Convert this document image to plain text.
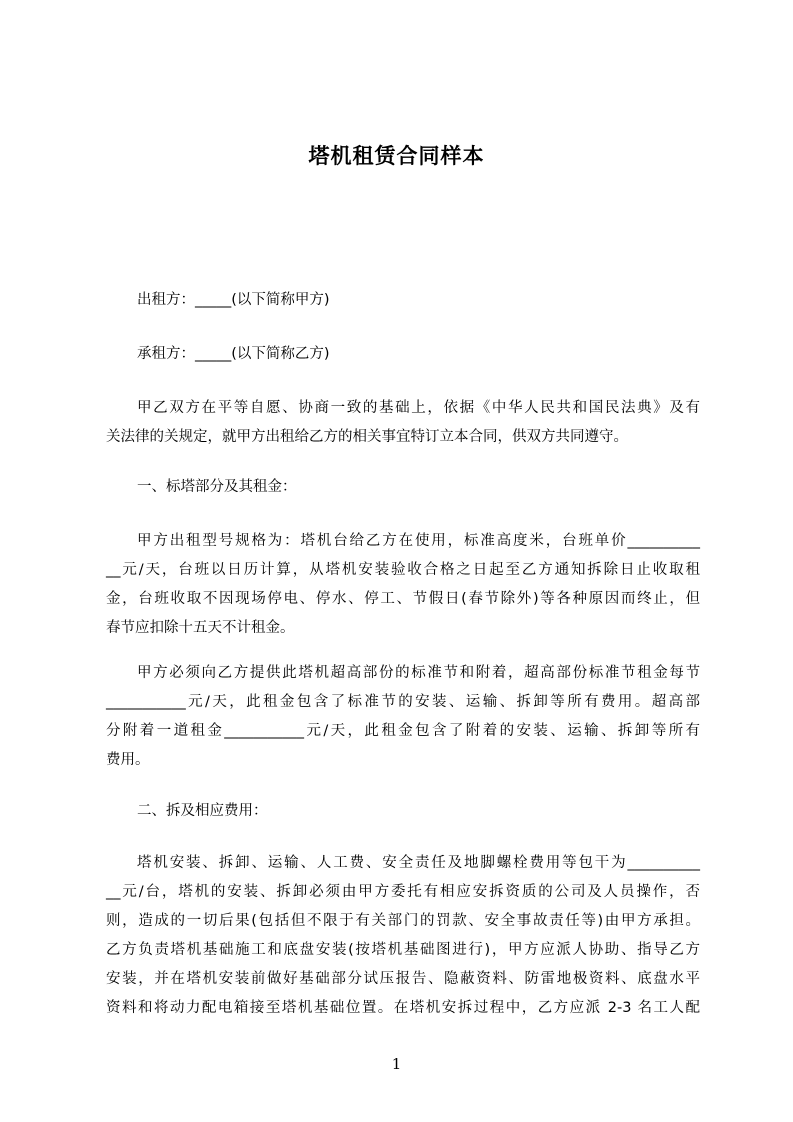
塔机租赁合同样本
出租方：_____(以下简称甲方)
承租方：_____(以下简称乙方)
甲乙双方在平等自愿、协商一致的基础上，依据《中华人民共和国民法典》及有
关法律的关规定，就甲方出租给乙方的相关事宜特订立本合同，供双方共同遵守。
一、标塔部分及其租金：
甲方出租型号规格为：塔机台给乙方在使用，标准高度米，台班单价__________
__元/天，台班以日历计算，从塔机安装验收合格之日起至乙方通知拆除日止收取租
金，台班收取不因现场停电、停水、停工、节假日(春节除外)等各种原因而终止，但
春节应扣除十五天不计租金。
甲方必须向乙方提供此塔机超高部份的标准节和附着，超高部份标准节租金每节
___________元/天，此租金包含了标准节的安装、运输、拆卸等所有费用。超高部
分附着一道租金___________元/天，此租金包含了附着的安装、运输、拆卸等所有
费用。
二、拆及相应费用：
塔机安装、拆卸、运输、人工费、安全责任及地脚螺栓费用等包干为__________
__元/台，塔机的安装、拆卸必须由甲方委托有相应安拆资质的公司及人员操作，否
则，造成的一切后果(包括但不限于有关部门的罚款、安全事故责任等)由甲方承担。
乙方负责塔机基础施工和底盘安装(按塔机基础图进行)，甲方应派人协助、指导乙方
安装，并在塔机安装前做好基础部分试压报告、隐蔽资料、防雷地极资料、底盘水平
资料和将动力配电箱接至塔机基础位置。在塔机安拆过程中，乙方应派 2-3 名工人配
1
